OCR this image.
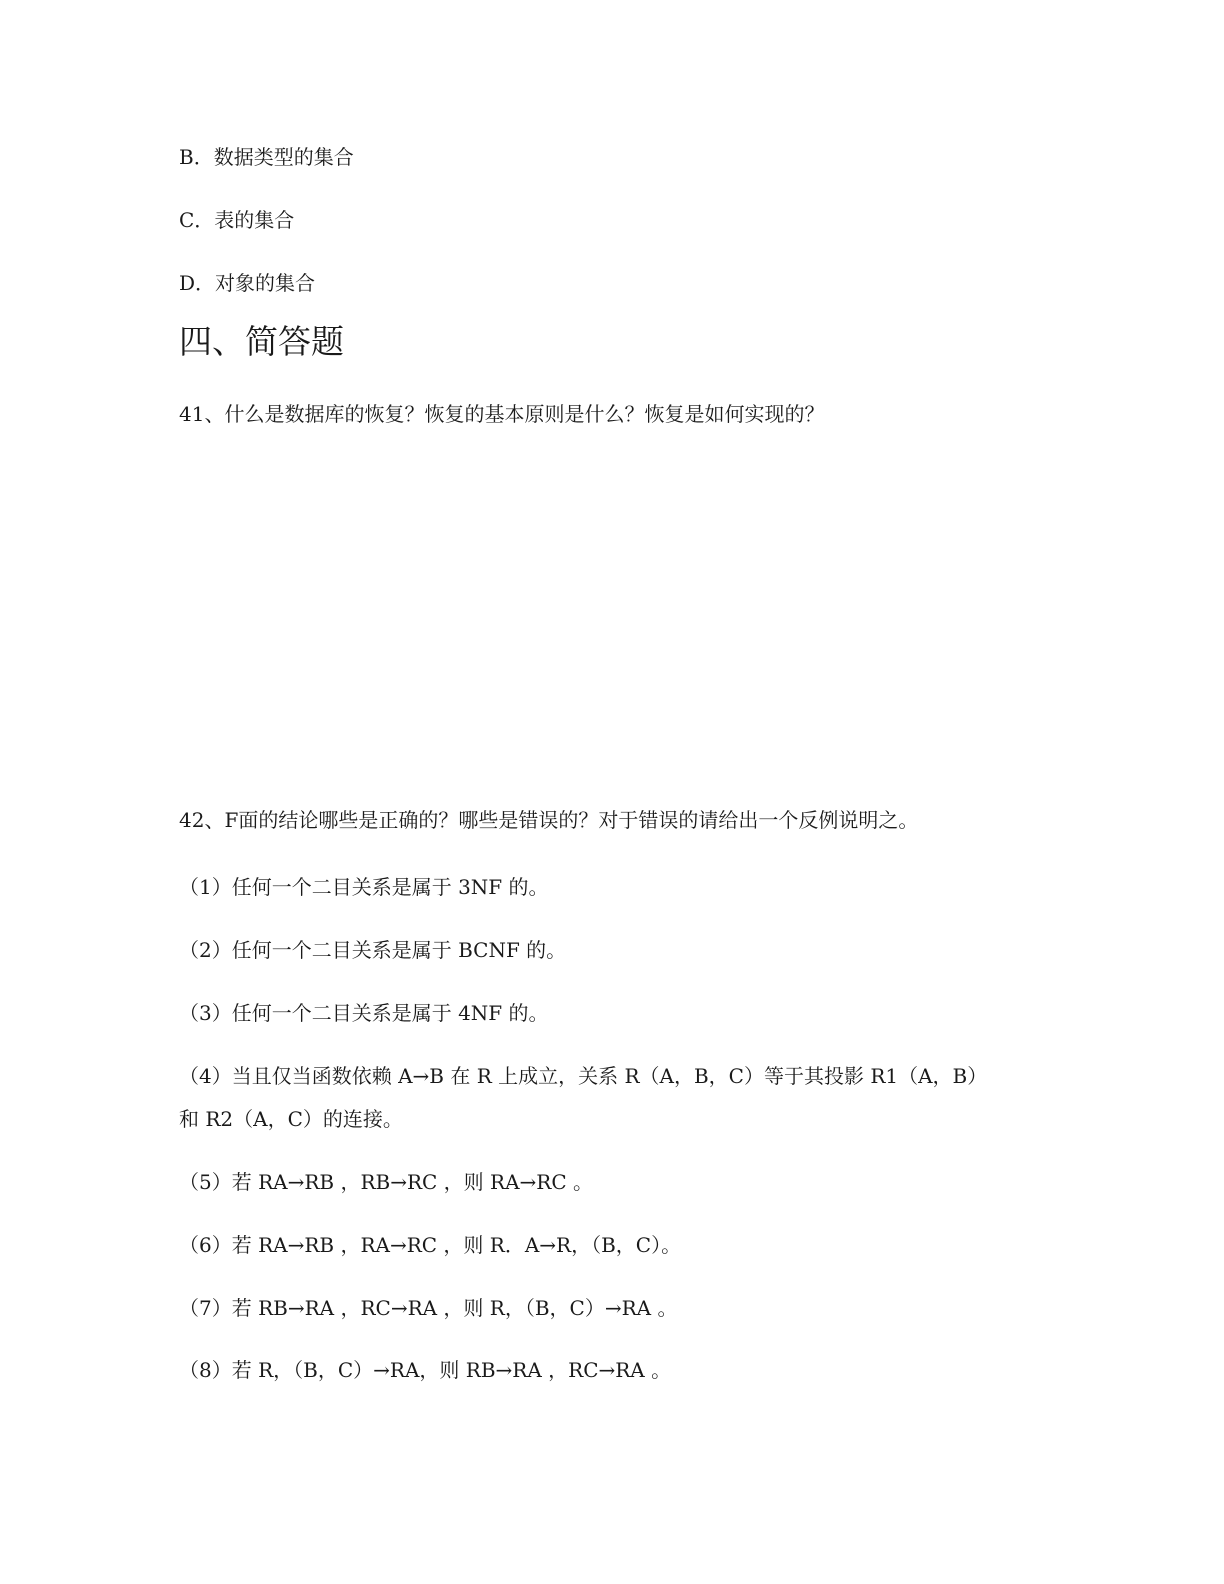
B．数据类型的集合
C．表的集合
D．对象的集合
四、简答题
41、什么是数据库的恢复？恢复的基本原则是什么？恢复是如何实现的？
42、F面的结论哪些是正确的？哪些是错误的？对于错误的请给出一个反例说明之。
（1）任何一个二目关系是属于 3NF 的。
（2）任何一个二目关系是属于 BCNF 的。
（3）任何一个二目关系是属于 4NF 的。
（4）当且仅当函数依赖 A→B 在 R 上成立，关系 R（A，B，C）等于其投影 R1（A，B）
和 R2（A，C）的连接。
（5）若 RA→RB ，RB→RC ，则 RA→RC 。
（6）若 RA→RB ，RA→RC ，则 R．A→R，（B，C）。
（7）若 RB→RA ，RC→RA ，则 R，（B，C）→RA 。
（8）若 R，（B，C）→RA，则 RB→RA ，RC→RA 。
